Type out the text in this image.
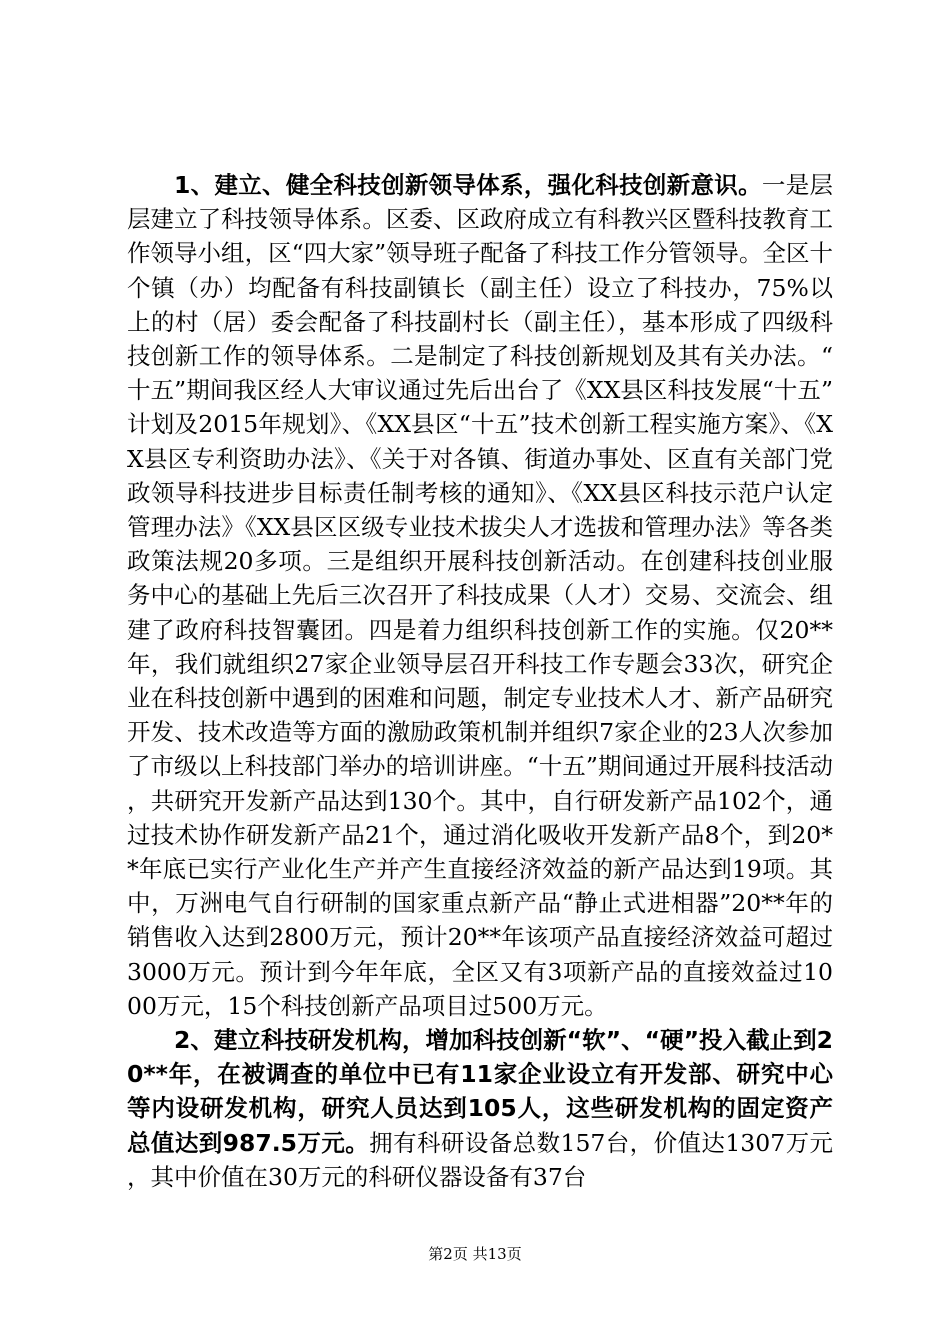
1、建立、健全科技创新领导体系，强化科技创新意识。一是层层建立了科技领导体系。区委、区政府成立有科教兴区暨科技教育工作领导小组，区“四大家”领导班子配备了科技工作分管领导。全区十个镇（办）均配备有科技副镇长（副主任）设立了科技办，75%以上的村（居）委会配备了科技副村长（副主任），基本形成了四级科技创新工作的领导体系。二是制定了科技创新规划及其有关办法。“十五”期间我区经人大审议通过先后出台了《XX县区科技发展“十五”计划及2015年规划》、《XX县区“十五”技术创新工程实施方案》、《XX县区专利资助办法》、《关于对各镇、街道办事处、区直有关部门党政领导科技进步目标责任制考核的通知》、《XX县区科技示范户认定管理办法》《XX县区区级专业技术拔尖人才选拔和管理办法》等各类政策法规20多项。三是组织开展科技创新活动。在创建科技创业服务中心的基础上先后三次召开了科技成果（人才）交易、交流会、组建了政府科技智囊团。四是着力组织科技创新工作的实施。仅20**年，我们就组织27家企业领导层召开科技工作专题会33次，研究企业在科技创新中遇到的困难和问题，制定专业技术人才、新产品研究开发、技术改造等方面的激励政策机制并组织7家企业的23人次参加了市级以上科技部门举办的培训讲座。“十五”期间通过开展科技活动，共研究开发新产品达到130个。其中，自行研发新产品102个，通过技术协作研发新产品21个，通过消化吸收开发新产品8个，到20**年底已实行产业化生产并产生直接经济效益的新产品达到19项。其中，万洲电气自行研制的国家重点新产品“静止式进相器”20**年的销售收入达到2800万元，预计20**年该项产品直接经济效益可超过3000万元。预计到今年年底，全区又有3项新产品的直接效益过1000万元，15个科技创新产品项目过500万元。

2、建立科技研发机构，增加科技创新“软”、“硬”投入截止到20**年，在被调查的单位中已有11家企业设立有开发部、研究中心等内设研发机构，研究人员达到105人，这些研发机构的固定资产总值达到987.5万元。拥有科研设备总数157台，价值达1307万元，其中价值在30万元的科研仪器设备有37台

第2页 共13页
